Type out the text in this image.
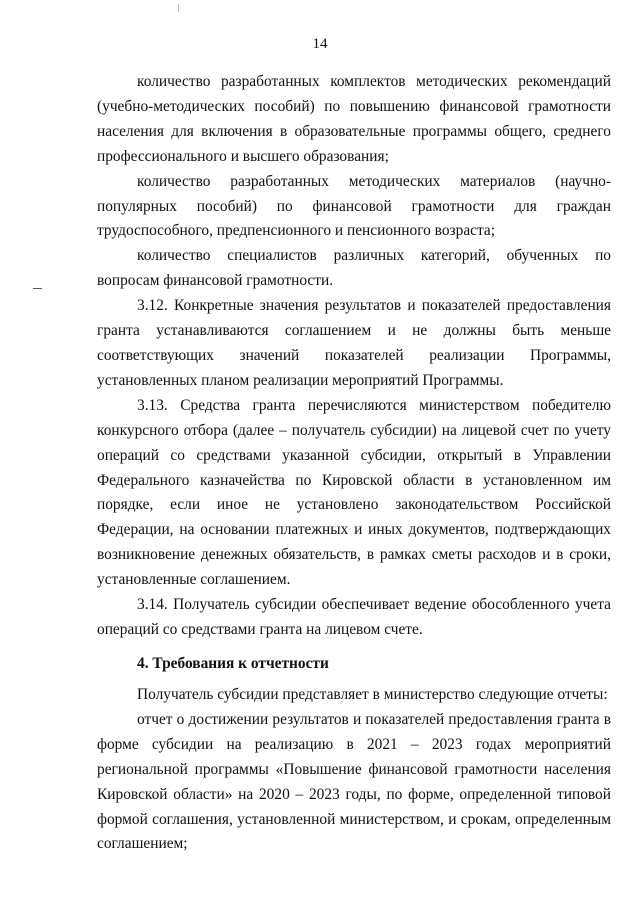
14

количество разработанных комплектов методических рекомендаций (учебно-методических пособий) по повышению финансовой грамотности населения для включения в образовательные программы общего, среднего профессионального и высшего образования;

количество разработанных методических материалов (научно-популярных пособий) по финансовой грамотности для граждан трудоспособного, предпенсионного и пенсионного возраста;

количество специалистов различных категорий, обученных по вопросам финансовой грамотности.

3.12. Конкретные значения результатов и показателей предоставления гранта устанавливаются соглашением и не должны быть меньше соответствующих значений показателей реализации Программы, установленных планом реализации мероприятий Программы.

3.13. Средства гранта перечисляются министерством победителю конкурсного отбора (далее – получатель субсидии) на лицевой счет по учету операций со средствами указанной субсидии, открытый в Управлении Федерального казначейства по Кировской области в установленном им порядке, если иное не установлено законодательством Российской Федерации, на основании платежных и иных документов, подтверждающих возникновение денежных обязательств, в рамках сметы расходов и в сроки, установленные соглашением.

3.14. Получатель субсидии обеспечивает ведение обособленного учета операций со средствами гранта на лицевом счете.

4. Требования к отчетности

Получатель субсидии представляет в министерство следующие отчеты:

отчет о достижении результатов и показателей предоставления гранта в форме субсидии на реализацию в 2021 – 2023 годах мероприятий региональной программы «Повышение финансовой грамотности населения Кировской области» на 2020 – 2023 годы, по форме, определенной типовой формой соглашения, установленной министерством, и срокам, определенным соглашением;
